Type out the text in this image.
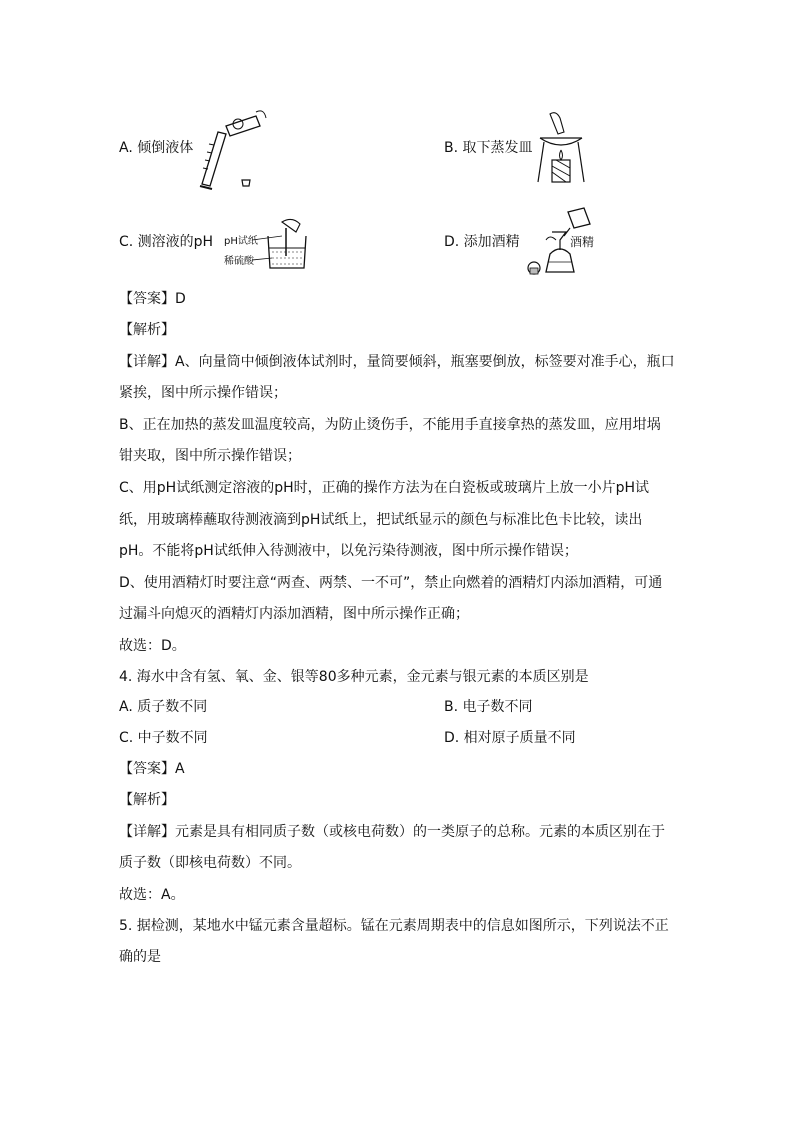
A. 倾倒液体	B. 取下蒸发皿
C. 测溶液的pH pH试纸
稀硫酸
D. 添加酒精	酒精
【答案】D
【解析】
【详解】A、向量筒中倾倒液体试剂时，量筒要倾斜，瓶塞要倒放，标签要对准手心，瓶口
紧挨，图中所示操作错误；
B、正在加热的蒸发皿温度较高，为防止烫伤手，不能用手直接拿热的蒸发皿，应用坩埚
钳夹取，图中所示操作错误；
C、用pH试纸测定溶液的pH时，正确的操作方法为在白瓷板或玻璃片上放一小片pH试
纸，用玻璃棒蘸取待测液滴到pH试纸上，把试纸显示的颜色与标准比色卡比较，读出
pH。不能将pH试纸伸入待测液中，以免污染待测液，图中所示操作错误；
D、使用酒精灯时要注意“两查、两禁、一不可”，禁止向燃着的酒精灯内添加酒精，可通
过漏斗向熄灭的酒精灯内添加酒精，图中所示操作正确；
故选：D。
4. 海水中含有氢、氧、金、银等80多种元素，金元素与银元素的本质区别是
A. 质子数不同	B. 电子数不同
C. 中子数不同	D. 相对原子质量不同
【答案】A
【解析】
【详解】元素是具有相同质子数（或核电荷数）的一类原子的总称。元素的本质区别在于
质子数（即核电荷数）不同。
故选：A。
5. 据检测，某地水中锰元素含量超标。锰在元素周期表中的信息如图所示，下列说法不正
确的是
